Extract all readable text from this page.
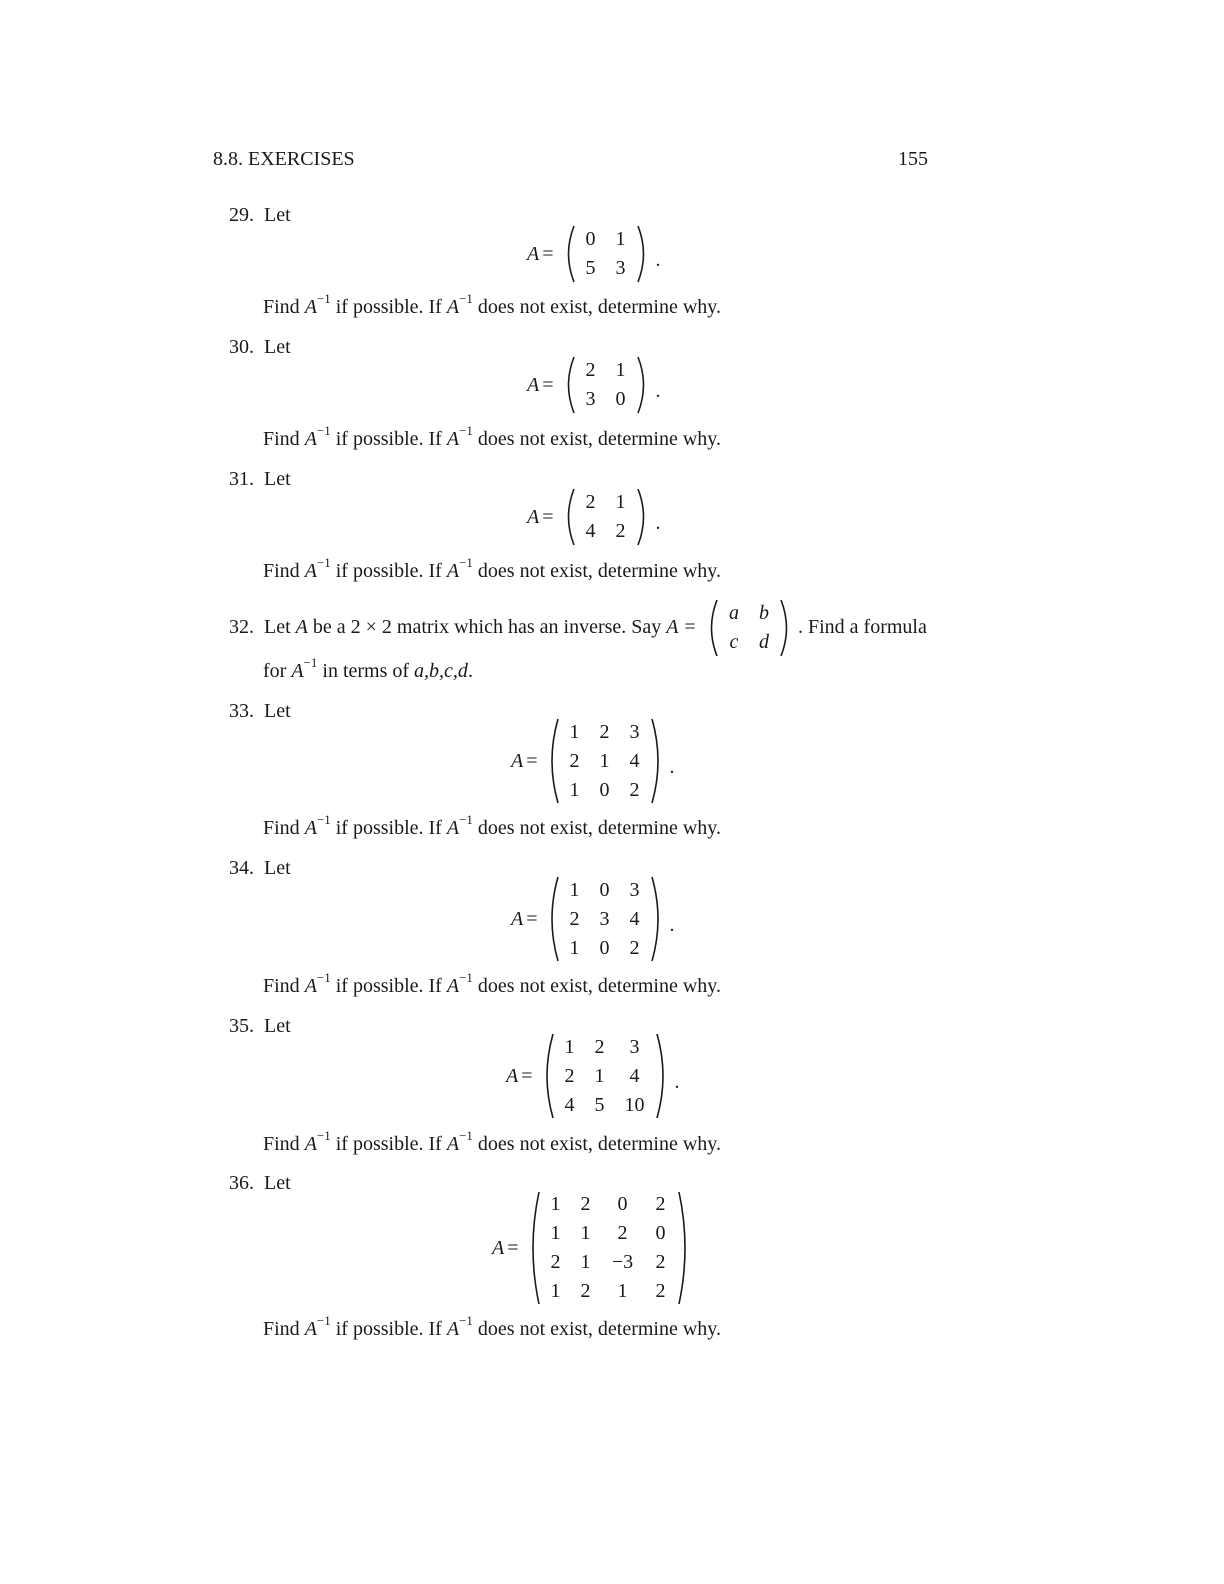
8.8. EXERCISES	155
29. Let
A =
0	1
5	3 .
Find $A^{-1}$ if possible. If $A^{-1}$ does not exist, determine why.
30. Let
A =
2	1
3	0 .
Find $A^{-1}$ if possible. If $A^{-1}$ does not exist, determine why.
31. Let
A =
2	1
4	2 .
Find $A^{-1}$ if possible. If $A^{-1}$ does not exist, determine why.
32. Let A be a 2 × 2 matrix which has an inverse. Say A =
a	b
c	d
. Find a formula
for $A^{-1}$ in terms of a,b,c,d.
33. Let
A =
1	2	3
2	1	4
1	0	2
.
Find $A^{-1}$ if possible. If $A^{-1}$ does not exist, determine why.
34. Let
A =
1	0	3
2	3	4
1	0	2
.
Find $A^{-1}$ if possible. If $A^{-1}$ does not exist, determine why.
35. Let
A =
1	2	3
2	1	4
4	5	10
.
Find $A^{-1}$ if possible. If $A^{-1}$ does not exist, determine why.
36. Let
A =
1	2	0	2
1	1	2	0
2	1	−3	2
1	2	1	2
Find $A^{-1}$ if possible. If $A^{-1}$ does not exist, determine why.
